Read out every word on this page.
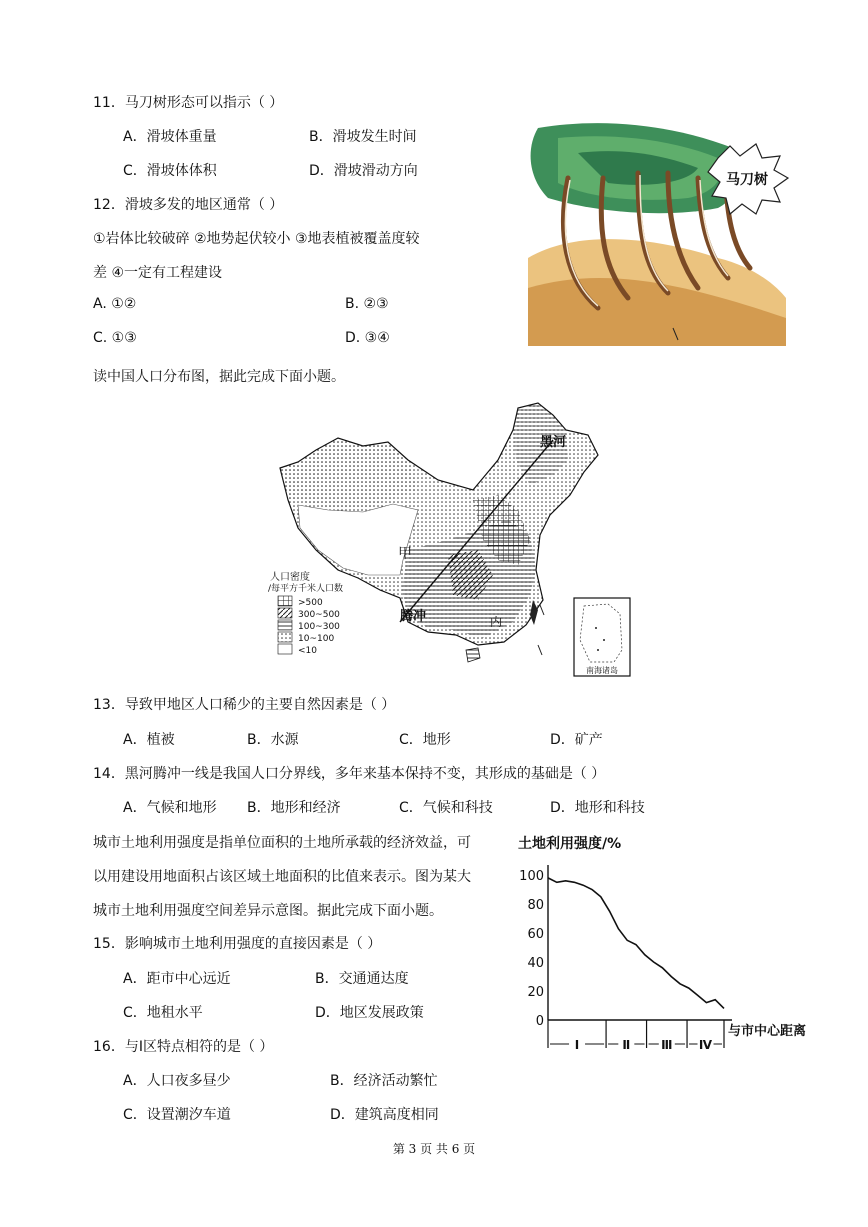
11．马刀树形态可以指示（ ）
A．滑坡体重量	B．滑坡发生时间
C．滑坡体体积	D．滑坡滑动方向
12．滑坡多发的地区通常（ ）
①岩体比较破碎 ②地势起伏较小 ③地表植被覆盖度较
差 ④一定有工程建设
A. ①②	B. ②③
C. ①③	D. ③④
马刀树
读中国人口分布图，据此完成下面小题。
甲
黑河
腾冲	内
人口密度
/每平方千米人口数
>500
300~500
100~300
10~100
<10
南海诸岛
13．导致甲地区人口稀少的主要自然因素是（ ）
A．植被	B．水源	C．地形	D．矿产
14．黑河腾冲一线是我国人口分界线，多年来基本保持不变，其形成的基础是（ ）
A．气候和地形 B．地形和经济	C．气候和科技	D．地形和科技
城市土地利用强度是指单位面积的土地所承载的经济效益，可
以用建设用地面积占该区域土地面积的比值来表示。图为某大
城市土地利用强度空间差异示意图。据此完成下面小题。
15．影响城市土地利用强度的直接因素是（ ）
A．距市中心远近	B．交通通达度
C．地租水平	D．地区发展政策
16．与Ⅰ区特点相符的是（ ）
A．人口夜多昼少	B．经济活动繁忙
C．设置潮汐车道	D．建筑高度相同
土地利用强度/%
与市中心距离
0
20
40
60
80
100
Ⅰ	Ⅱ	Ⅲ Ⅳ
第 3 页 共 6 页
